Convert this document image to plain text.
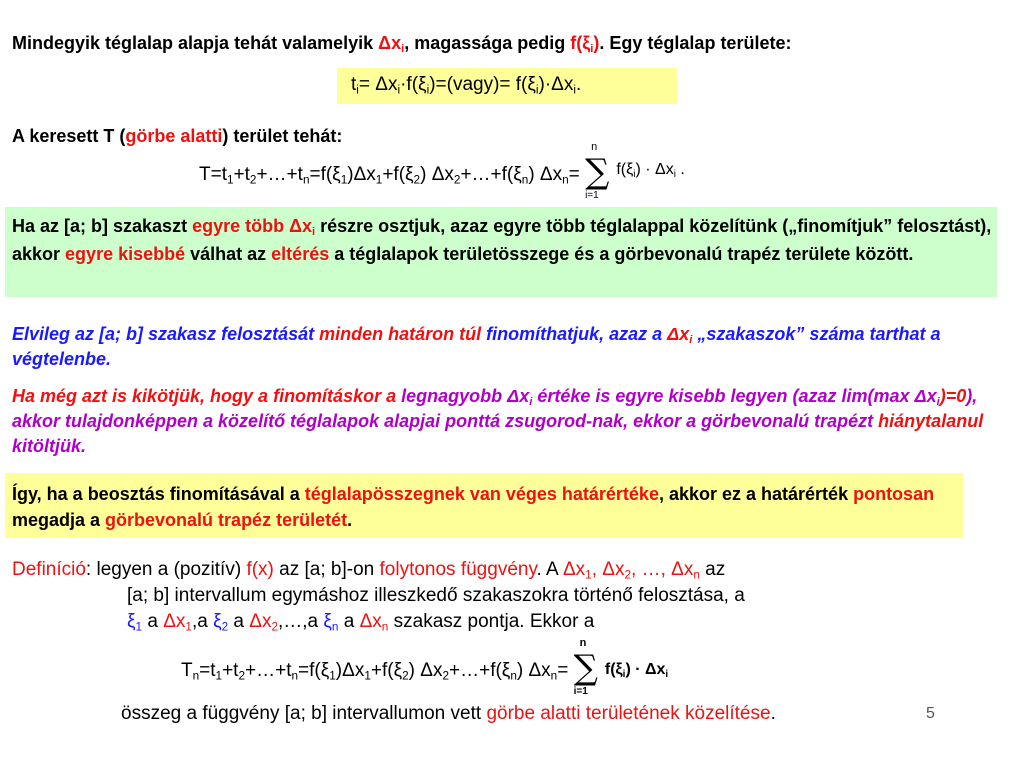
Mindegyik téglalap alapja tehát valamelyik $\Delta x_i$, magassága pedig $f(\xi_i)$. Egy téglalap területe:
$t_i=$ $\Delta x_i\cdot f(\xi_i)=(vagy)= f(\xi_i)\cdot\Delta x_i$.
A keresett T (görbe alatti) terület tehát:
$T=t_1+t_2+\dots+t_n=f(\xi_1)\Delta x_1+f(\xi_2)$ $\Delta x_2+\dots+f(\xi_n)$ $\Delta x_n=$
n
∑
i=1
$^{f(\xi_i) \cdot \Delta x_i .}$
Ha az [a; b] szakaszt egyre több $\Delta x_i$ részre osztjuk, azaz egyre több téglalappal közelítünk („finomítjuk” felosztást), akkor egyre kisebbé válhat az eltérés a téglalapok területösszege és a görbevonalú trapéz területe között.
Elvileg az [a; b] szakasz felosztását minden határon túl finomíthatjuk, azaz a $\Delta x_i$ „szakaszok” száma tarthat a végtelenbe.
Ha még azt is kikötjük, hogy a finomításkor a legnagyobb $\Delta x_i$ értéke is egyre kisebb legyen (azaz lim(max $\Delta x_i)=0$), akkor tulajdonképpen a közelítő téglalapok alapjai ponttá zsugorod-nak, ekkor a görbevonalú trapézt hiánytalanul kitöltjük.
Így, ha a beosztás finomításával a téglalapösszegnek van véges határértéke, akkor ez a határérték pontosan megadja a görbevonalú trapéz területét.
Definíció: legyen a (pozitív) f(x) az [a; b]-on folytonos függvény. A $\Delta x_1$, $\Delta x_2$, …, $\Delta x_n$ az
[a; b] intervallum egymáshoz illeszkedő szakaszokra történő felosztása, a
$\xi_1$ a $\Delta x_1,a$ $\xi_2$ a $\Delta x_2,\dots,a$ $\xi_n$ a $\Delta x_n$ szakasz pontja. Ekkor a
$T_n=t_1+t_2+\dots+t_n=f(\xi_1)\Delta x_1+f(\xi_2)$ $\Delta x_2+\dots+f(\xi_n)$ $\Delta x_n=$
n
∑
i=1
$f(\xi_i) \cdot \Delta x_i$
összeg a függvény [a; b] intervallumon vett görbe alatti területének közelítése.	5
